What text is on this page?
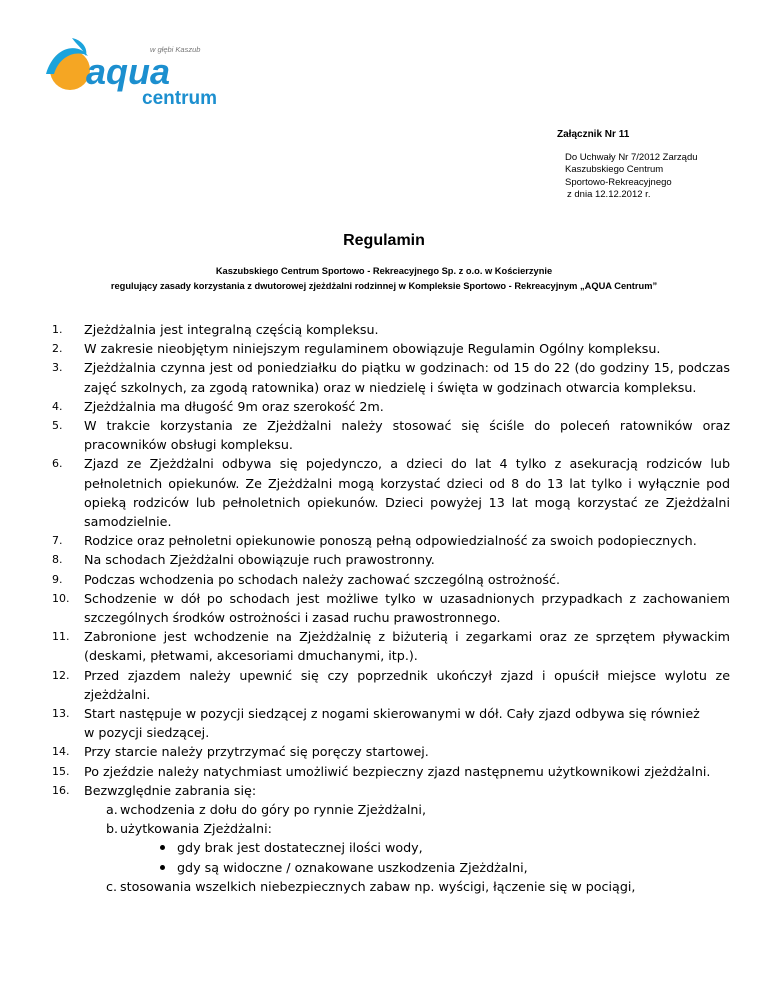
w głębi Kaszub
aqua
centrum
Załącznik Nr 11
Do Uchwały Nr 7/2012 Zarządu
Kaszubskiego Centrum
Sportowo-Rekreacyjnego
z dnia 12.12.2012 r.
Regulamin
Kaszubskiego Centrum Sportowo - Rekreacyjnego Sp. z o.o. w Kościerzynie
regulujący zasady korzystania z dwutorowej zjeżdżalni rodzinnej w Kompleksie Sportowo - Rekreacyjnym „AQUA Centrum”
1.	Zjeżdżalnia jest integralną częścią kompleksu.
2.	W zakresie nieobjętym niniejszym regulaminem obowiązuje Regulamin Ogólny kompleksu.
3.	Zjeżdżalnia czynna jest od poniedziałku do piątku w godzinach: od 15 do 22 (do godziny 15, podczas zajęć szkolnych, za zgodą ratownika) oraz w niedzielę i święta w godzinach otwarcia kompleksu.
4.	Zjeżdżalnia ma długość 9m oraz szerokość 2m.
5.	W trakcie korzystania ze Zjeżdżalni należy stosować się ściśle do poleceń ratowników oraz pracowników obsługi kompleksu.
6.	Zjazd ze Zjeżdżalni odbywa się pojedynczo, a dzieci do lat 4 tylko z asekuracją rodziców lub pełnoletnich opiekunów. Ze Zjeżdżalni mogą korzystać dzieci od 8 do 13 lat tylko i wyłącznie pod opieką rodziców lub pełnoletnich opiekunów. Dzieci powyżej 13 lat mogą korzystać ze Zjeżdżalni samodzielnie.
7.	Rodzice oraz pełnoletni opiekunowie ponoszą pełną odpowiedzialność za swoich podopiecznych.
8.	Na schodach Zjeżdżalni obowiązuje ruch prawostronny.
9.	Podczas wchodzenia po schodach należy zachować szczególną ostrożność.
10.	Schodzenie w dół po schodach jest możliwe tylko w uzasadnionych przypadkach z zachowaniem szczególnych środków ostrożności i zasad ruchu prawostronnego.
11.	Zabronione jest wchodzenie na Zjeżdżalnię z biżuterią i zegarkami oraz ze sprzętem pływackim (deskami, płetwami, akcesoriami dmuchanymi, itp.).
12.	Przed zjazdem należy upewnić się czy poprzednik ukończył zjazd i opuścił miejsce wylotu ze zjeżdżalni.
13.	Start następuje w pozycji siedzącej z nogami skierowanymi w dół. Cały zjazd odbywa się również
w pozycji siedzącej.
14.	Przy starcie należy przytrzymać się poręczy startowej.
15.	Po zjeździe należy natychmiast umożliwić bezpieczny zjazd następnemu użytkownikowi zjeżdżalni.
16.	Bezwzględnie zabrania się:
a. wchodzenia z dołu do góry po rynnie Zjeżdżalni,
b. użytkowania Zjeżdżalni:
gdy brak jest dostatecznej ilości wody,
gdy są widoczne / oznakowane uszkodzenia Zjeżdżalni,
c. stosowania wszelkich niebezpiecznych zabaw np. wyścigi, łączenie się w pociągi,
